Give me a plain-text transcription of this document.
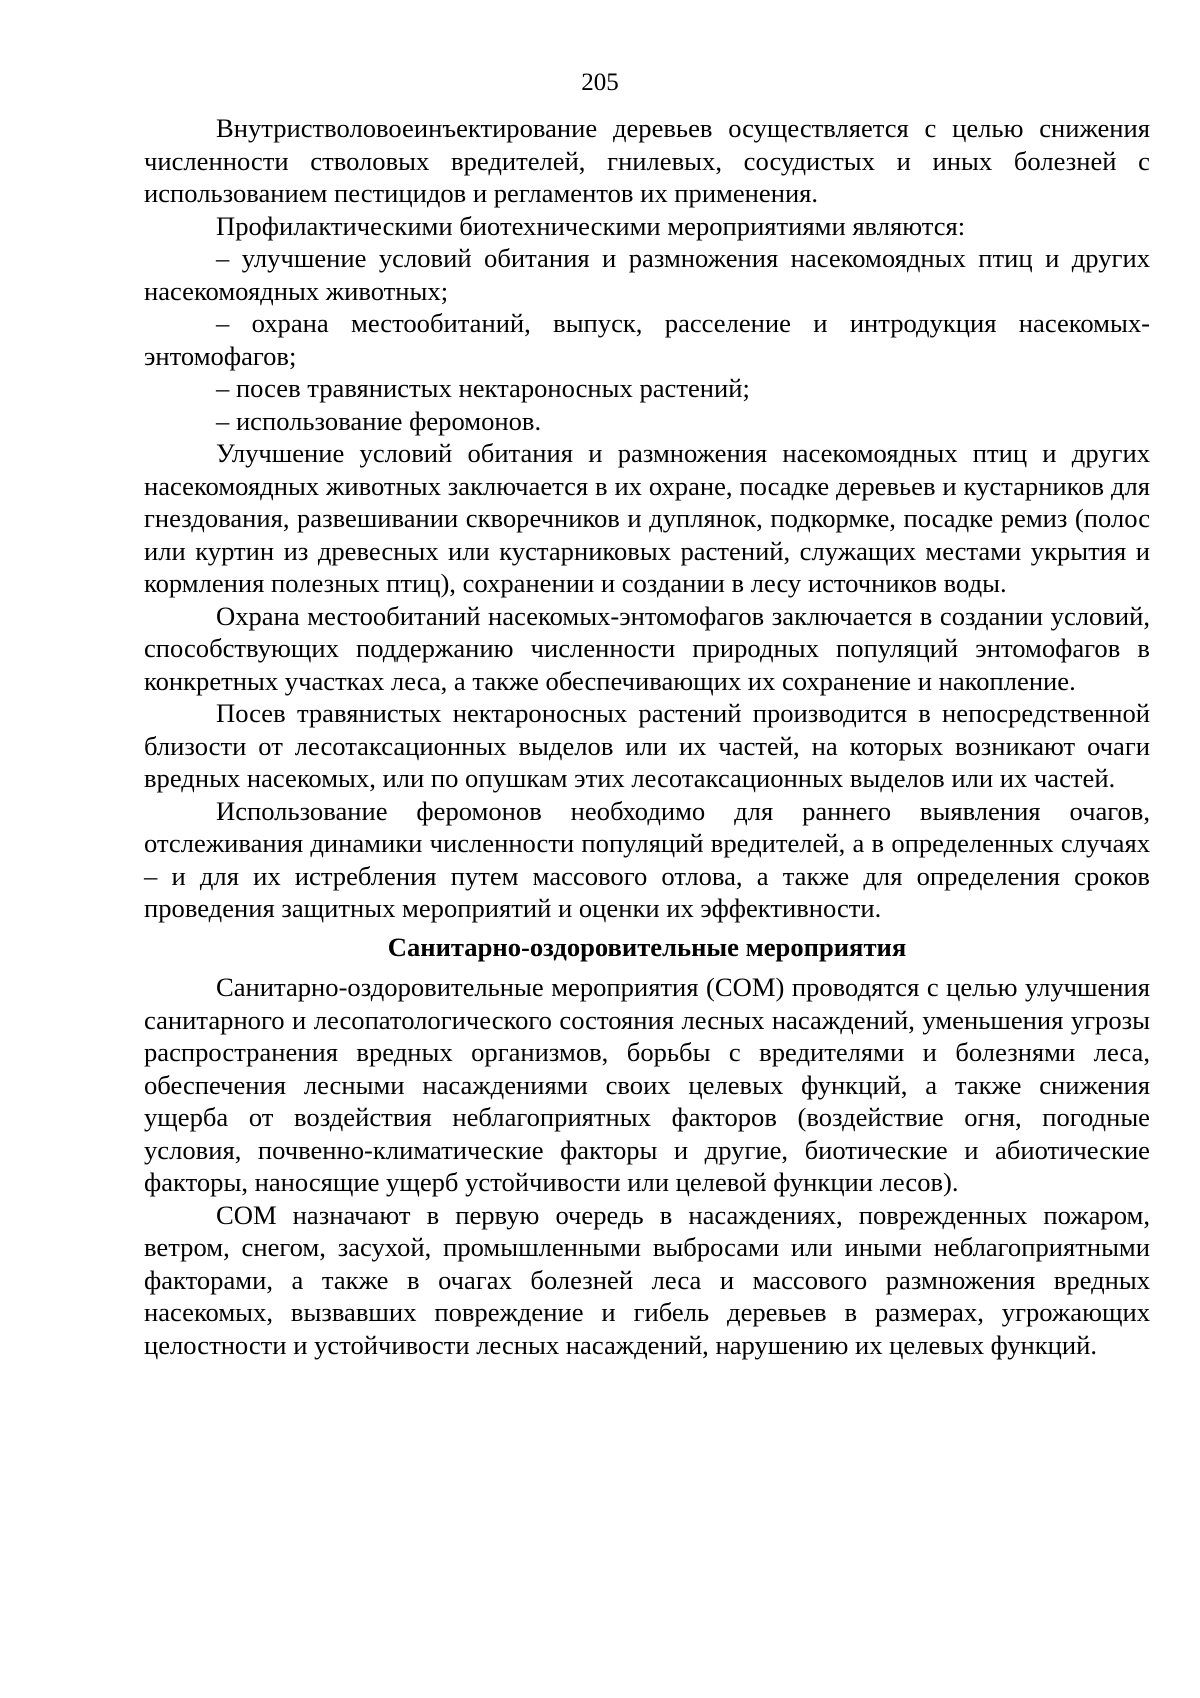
205

Внутристволовоеинъектирование деревьев осуществляется с целью снижения численности стволовых вредителей, гнилевых, сосудистых и иных болезней с использованием пестицидов и регламентов их применения.

Профилактическими биотехническими мероприятиями являются:

– улучшение условий обитания и размножения насекомоядных птиц и других насекомоядных животных;

– охрана местообитаний, выпуск, расселение и интродукция насекомых-энтомофагов;

– посев травянистых нектароносных растений;

– использование феромонов.

Улучшение условий обитания и размножения насекомоядных птиц и других насекомоядных животных заключается в их охране, посадке деревьев и кустарников для гнездования, развешивании скворечников и дуплянок, подкормке, посадке ремиз (полос или куртин из древесных или кустарниковых растений, служащих местами укрытия и кормления полезных птиц), сохранении и создании в лесу источников воды.

Охрана местообитаний насекомых-энтомофагов заключается в создании условий, способствующих поддержанию численности природных популяций энтомофагов в конкретных участках леса, а также обеспечивающих их сохранение и накопление.

Посев травянистых нектароносных растений производится в непосредственной близости от лесотаксационных выделов или их частей, на которых возникают очаги вредных насекомых, или по опушкам этих лесотаксационных выделов или их частей.

Использование феромонов необходимо для раннего выявления очагов, отслеживания динамики численности популяций вредителей, а в определенных случаях – и для их истребления путем массового отлова, а также для определения сроков проведения защитных мероприятий и оценки их эффективности.

Санитарно-оздоровительные мероприятия

Санитарно-оздоровительные мероприятия (СОМ) проводятся с целью улучшения санитарного и лесопатологического состояния лесных насаждений, уменьшения угрозы распространения вредных организмов, борьбы с вредителями и болезнями леса, обеспечения лесными насаждениями своих целевых функций, а также снижения ущерба от воздействия неблагоприятных факторов (воздействие огня, погодные условия, почвенно-климатические факторы и другие, биотические и абиотические факторы, наносящие ущерб устойчивости или целевой функции лесов).

СОМ назначают в первую очередь в насаждениях, поврежденных пожаром, ветром, снегом, засухой, промышленными выбросами или иными неблагоприятными факторами, а также в очагах болезней леса и массового размножения вредных насекомых, вызвавших повреждение и гибель деревьев в размерах, угрожающих целостности и устойчивости лесных насаждений, нарушению их целевых функций.
